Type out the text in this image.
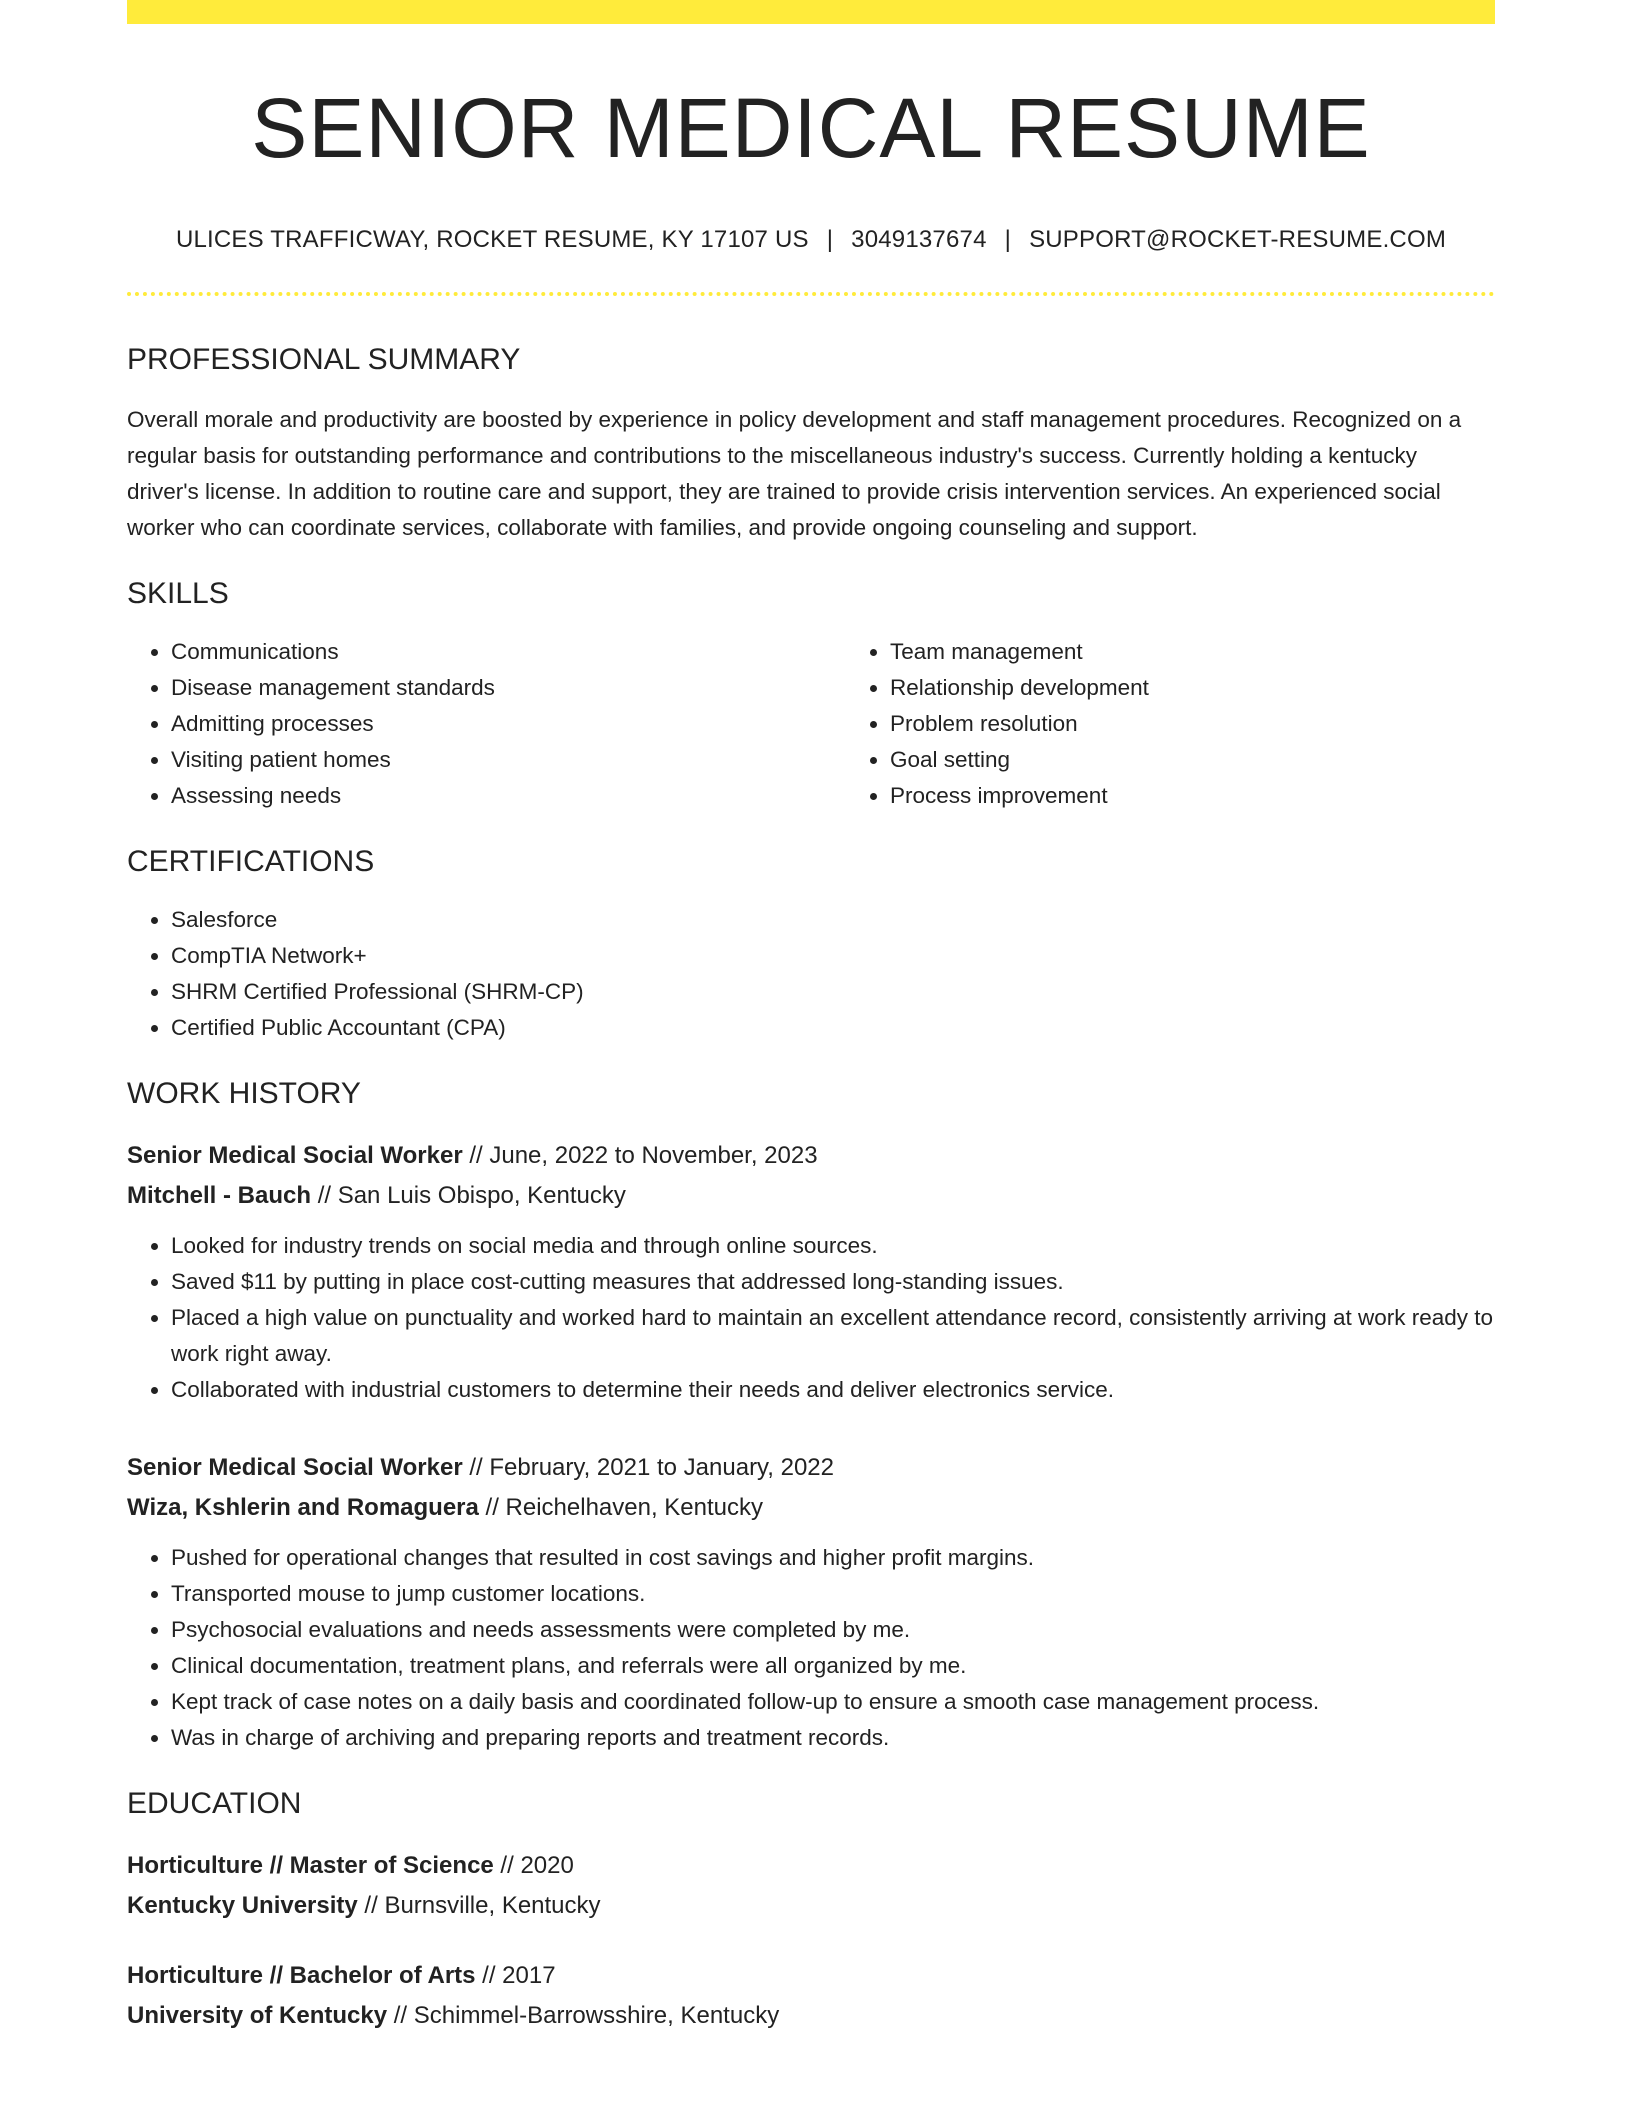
SENIOR MEDICAL RESUME
ULICES TRAFFICWAY, ROCKET RESUME, KY 17107 US | 3049137674 | SUPPORT@ROCKET-RESUME.COM
PROFESSIONAL SUMMARY

Overall morale and productivity are boosted by experience in policy development and staff management procedures. Recognized on a regular basis for outstanding performance and contributions to the miscellaneous industry's success. Currently holding a kentucky driver's license. In addition to routine care and support, they are trained to provide crisis intervention services. An experienced social worker who can coordinate services, collaborate with families, and provide ongoing counseling and support.

SKILLS
• Communications
• Disease management standards
• Admitting processes
• Visiting patient homes
• Assessing needs
• Team management
• Relationship development
• Problem resolution
• Goal setting
• Process improvement
CERTIFICATIONS
• Salesforce
• CompTIA Network+
• SHRM Certified Professional (SHRM-CP)
• Certified Public Accountant (CPA)
WORK HISTORY
Senior Medical Social Worker // June, 2022 to November, 2023
Mitchell - Bauch // San Luis Obispo, Kentucky
• Looked for industry trends on social media and through online sources.
• Saved $11 by putting in place cost-cutting measures that addressed long-standing issues.
• Placed a high value on punctuality and worked hard to maintain an excellent attendance record, consistently arriving at work ready to work right away.
• Collaborated with industrial customers to determine their needs and deliver electronics service.
Senior Medical Social Worker // February, 2021 to January, 2022
Wiza, Kshlerin and Romaguera // Reichelhaven, Kentucky
• Pushed for operational changes that resulted in cost savings and higher profit margins.
• Transported mouse to jump customer locations.
• Psychosocial evaluations and needs assessments were completed by me.
• Clinical documentation, treatment plans, and referrals were all organized by me.
• Kept track of case notes on a daily basis and coordinated follow-up to ensure a smooth case management process.
• Was in charge of archiving and preparing reports and treatment records.
EDUCATION
Horticulture // Master of Science // 2020
Kentucky University // Burnsville, Kentucky
Horticulture // Bachelor of Arts // 2017
University of Kentucky // Schimmel-Barrowsshire, Kentucky
